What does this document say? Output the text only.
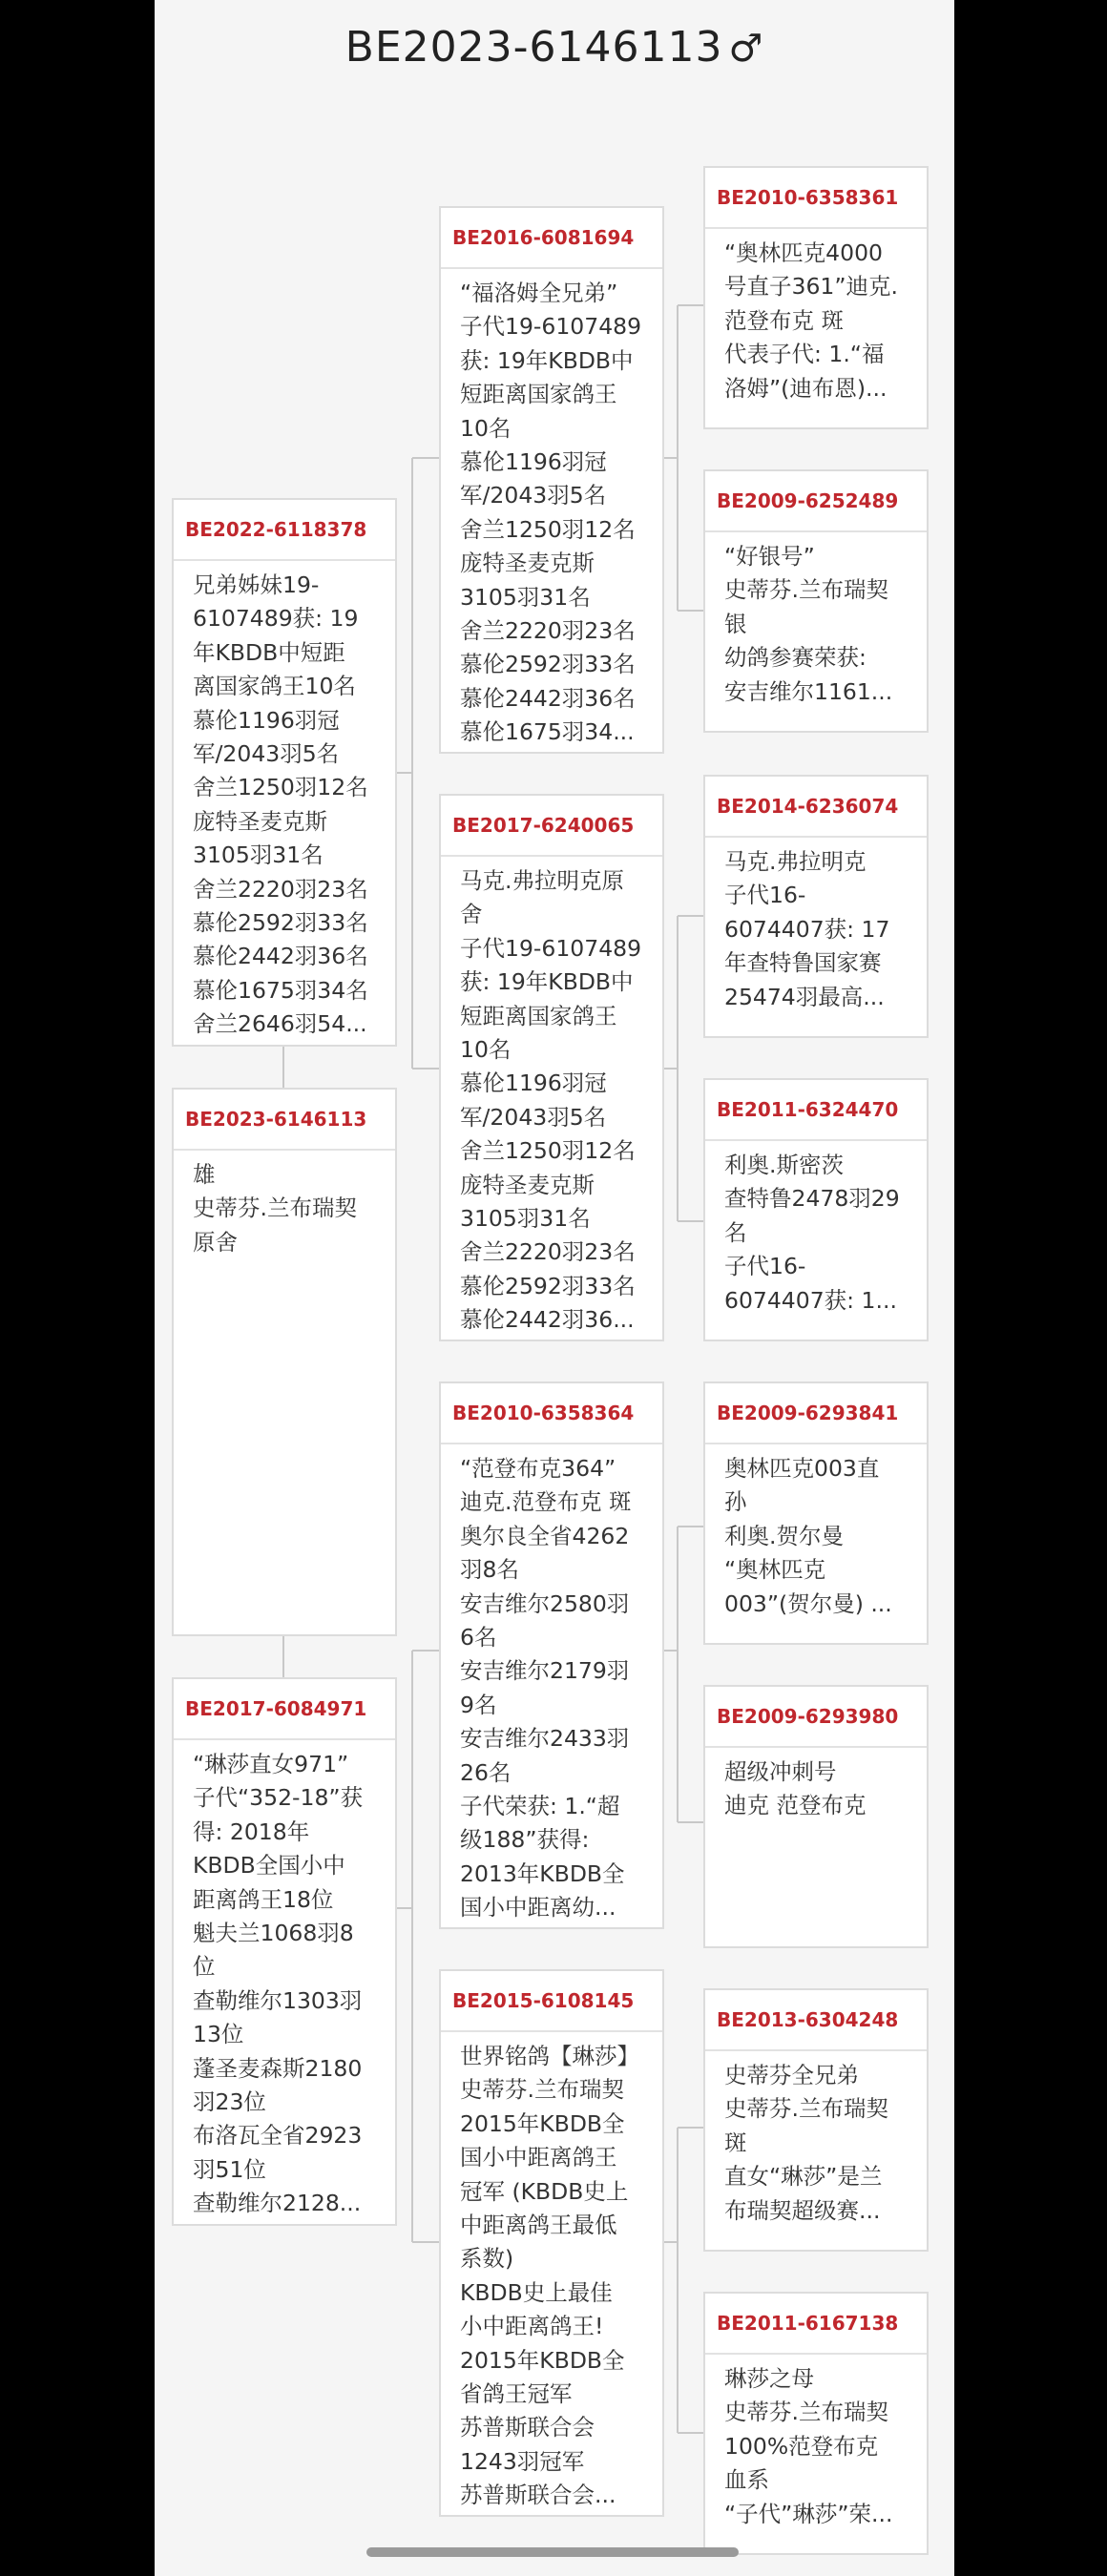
BE2023-6146113 ♂
BE2022-6118378
兄弟姊妹19-
6107489获: 19
年KBDB中短距
离国家鸽王10名
慕伦1196羽冠
军/2043羽5名
舍兰1250羽12名
庞特圣麦克斯
3105羽31名
舍兰2220羽23名
慕伦2592羽33名
慕伦2442羽36名
慕伦1675羽34名
舍兰2646羽54...
BE2023-6146113
雄
史蒂芬.兰布瑞契
原舍
BE2017-6084971
“琳莎直女971”
子代“352-18”获
得: 2018年
KBDB全国小中
距离鸽王18位
魁夫兰1068羽8
位
查勒维尔1303羽
13位
蓬圣麦森斯2180
羽23位
布洛瓦全省2923
羽51位
查勒维尔2128...
BE2016-6081694
“福洛姆全兄弟”
子代19-6107489
获: 19年KBDB中
短距离国家鸽王
10名
慕伦1196羽冠
军/2043羽5名
舍兰1250羽12名
庞特圣麦克斯
3105羽31名
舍兰2220羽23名
慕伦2592羽33名
慕伦2442羽36名
慕伦1675羽34...
BE2017-6240065
马克.弗拉明克原
舍
子代19-6107489
获: 19年KBDB中
短距离国家鸽王
10名
慕伦1196羽冠
军/2043羽5名
舍兰1250羽12名
庞特圣麦克斯
3105羽31名
舍兰2220羽23名
慕伦2592羽33名
慕伦2442羽36...
BE2010-6358364
“范登布克364”
迪克.范登布克 斑
奥尔良全省4262
羽8名
安吉维尔2580羽
6名
安吉维尔2179羽
9名
安吉维尔2433羽
26名
子代荣获: 1.“超
级188”获得:
2013年KBDB全
国小中距离幼...
BE2015-6108145
世界铭鸽【琳莎】
史蒂芬.兰布瑞契
2015年KBDB全
国小中距离鸽王
冠军 (KBDB史上
中距离鸽王最低
系数)
KBDB史上最佳
小中距离鸽王!
2015年KBDB全
省鸽王冠军
苏普斯联合会
1243羽冠军
苏普斯联合会...
BE2010-6358361
“奥林匹克4000
号直子361”迪克.
范登布克 斑
代表子代: 1.“福
洛姆”(迪布恩)...
BE2009-6252489
“好银号”
史蒂芬.兰布瑞契
银
幼鸽参赛荣获:
安吉维尔1161...
BE2014-6236074
马克.弗拉明克
子代16-
6074407获: 17
年查特鲁国家赛
25474羽最高...
BE2011-6324470
利奥.斯密茨
查特鲁2478羽29
名
子代16-
6074407获: 1...
BE2009-6293841
奥林匹克003直
孙
利奥.贺尔曼
“奥林匹克
003”(贺尔曼) ...
BE2009-6293980
超级冲刺号
迪克 范登布克
BE2013-6304248
史蒂芬全兄弟
史蒂芬.兰布瑞契
斑
直女“琳莎”是兰
布瑞契超级赛...
BE2011-6167138
琳莎之母
史蒂芬.兰布瑞契
100%范登布克
血系
“子代”琳莎”荣...
